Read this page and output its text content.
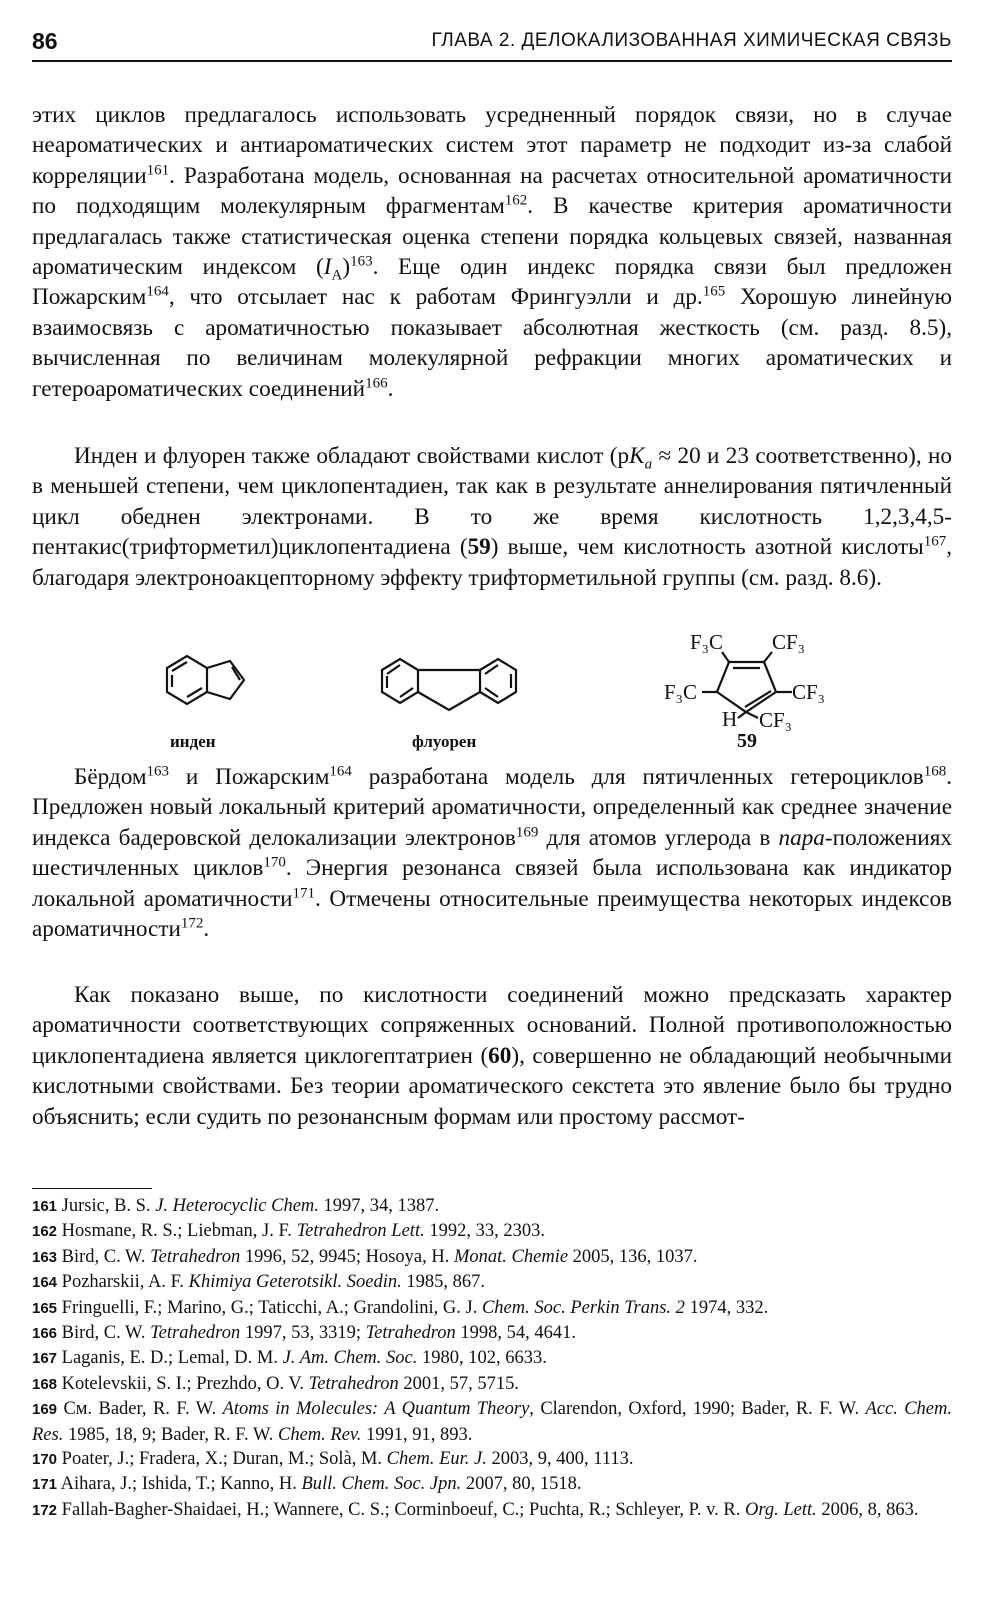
86	ГЛАВА 2. ДЕЛОКАЛИЗОВАННАЯ ХИМИЧЕСКАЯ СВЯЗЬ

этих циклов предлагалось использовать усредненный порядок связи, но в случае неароматических и антиароматических систем этот параметр не подходит из-за слабой корреляции$^{161}$. Разработана модель, основанная на расчетах относительной ароматичности по подходящим молекулярным фрагментам$^{162}$. В качестве критерия ароматичности предлагалась также статистическая оценка степени порядка кольцевых связей, названная ароматическим индексом $(I_A)^{163}$. Еще один индекс порядка связи был предложен Пожарским$^{164}$, что отсылает нас к работам Фрингуэлли и др.$^{165}$ Хорошую линейную взаимосвязь с ароматичностью показывает абсолютная жесткость (см. разд. 8.5), вычисленная по величинам молекулярной рефракции многих ароматических и гетероароматических соединений$^{166}$.

Инден и флуорен также обладают свойствами кислот ($pK_a \approx 20$ и 23 соответственно), но в меньшей степени, чем циклопентадиен, так как в результате аннелирования пятичленный цикл обеднен электронами. В то же время кислотность 1,2,3,4,5-пентакис(трифторметил)циклопентадиена (59) выше, чем кислотность азотной кислоты$^{167}$, благодаря электроноакцепторному эффекту трифторметильной группы (см. разд. 8.6).

F₃C CF₃
F₃C	CF₃
H CF₃
инден	флуорен	59

Бёрдом$^{163}$ и Пожарским$^{164}$ разработана модель для пятичленных гетероциклов$^{168}$. Предложен новый локальный критерий ароматичности, определенный как среднее значение индекса бадеровской делокализации электронов$^{169}$ для атомов углерода в пара-положениях шестичленных циклов$^{170}$. Энергия резонанса связей была использована как индикатор локальной ароматичности$^{171}$. Отмечены относительные преимущества некоторых индексов ароматичности$^{172}$.

Как показано выше, по кислотности соединений можно предсказать характер ароматичности соответствующих сопряженных оснований. Полной противоположностью циклопентадиена является циклогептатриен (60), совершенно не обладающий необычными кислотными свойствами. Без теории ароматического секстета это явление было бы трудно объяснить; если судить по резонансным формам или простому рассмот-

161 Jursic, B. S. J. Heterocyclic Chem. 1997, 34, 1387.

162 Hosmane, R. S.; Liebman, J. F. Tetrahedron Lett. 1992, 33, 2303.

163 Bird, C. W. Tetrahedron 1996, 52, 9945; Hosoya, H. Monat. Chemie 2005, 136, 1037.

164 Pozharskii, A. F. Khimiya Geterotsikl. Soedin. 1985, 867.

165 Fringuelli, F.; Marino, G.; Taticchi, A.; Grandolini, G. J. Chem. Soc. Perkin Trans. 2 1974, 332.

166 Bird, C. W. Tetrahedron 1997, 53, 3319; Tetrahedron 1998, 54, 4641.

167 Laganis, E. D.; Lemal, D. M. J. Am. Chem. Soc. 1980, 102, 6633.

168 Kotelevskii, S. I.; Prezhdo, O. V. Tetrahedron 2001, 57, 5715.

169 См. Bader, R. F. W. Atoms in Molecules: A Quantum Theory, Clarendon, Oxford, 1990; Bader, R. F. W. Acc. Chem. Res. 1985, 18, 9; Bader, R. F. W. Chem. Rev. 1991, 91, 893.

170 Poater, J.; Fradera, X.; Duran, M.; Solà, M. Chem. Eur. J. 2003, 9, 400, 1113.

171 Aihara, J.; Ishida, T.; Kanno, H. Bull. Chem. Soc. Jpn. 2007, 80, 1518.

172 Fallah-Bagher-Shaidaei, H.; Wannere, C. S.; Corminboeuf, C.; Puchta, R.; Schleyer, P. v. R. Org. Lett. 2006, 8, 863.
